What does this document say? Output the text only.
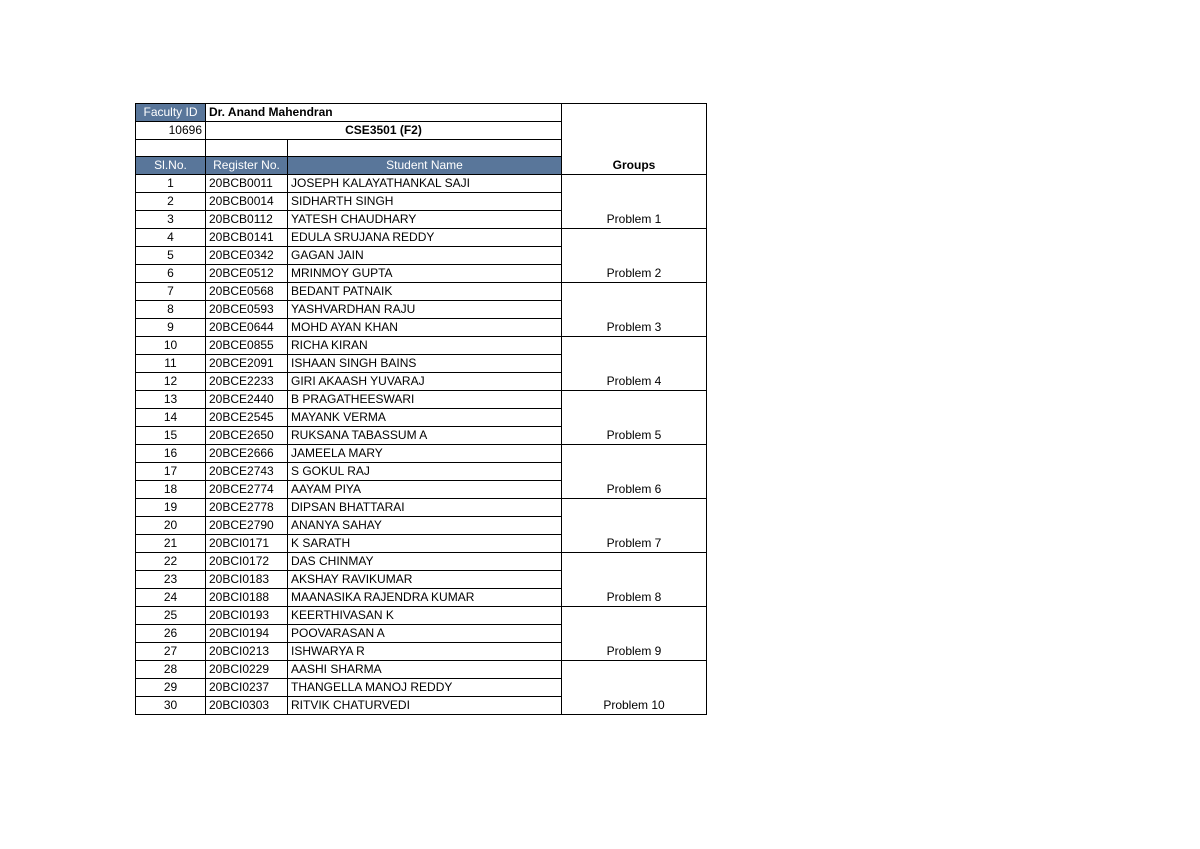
Faculty ID	Dr. Anand Mahendran		Groups
10696	CSE3501 (F2)		

Sl.No.	Register No.	Student Name	
1	20BCB0011	JOSEPH KALAYATHANKAL SAJI	Problem 1
2	20BCB0014	SIDHARTH SINGH	
3	20BCB0112	YATESH CHAUDHARY	
4	20BCB0141	EDULA SRUJANA REDDY	Problem 2
5	20BCE0342	GAGAN JAIN	
6	20BCE0512	MRINMOY GUPTA	
7	20BCE0568	BEDANT PATNAIK	Problem 3
8	20BCE0593	YASHVARDHAN RAJU	
9	20BCE0644	MOHD AYAN KHAN	
10	20BCE0855	RICHA KIRAN	Problem 4
11	20BCE2091	ISHAAN SINGH BAINS	
12	20BCE2233	GIRI AKAASH YUVARAJ	
13	20BCE2440	B PRAGATHEESWARI	Problem 5
14	20BCE2545	MAYANK VERMA	
15	20BCE2650	RUKSANA TABASSUM A	
16	20BCE2666	JAMEELA MARY	Problem 6
17	20BCE2743	S GOKUL RAJ	
18	20BCE2774	AAYAM PIYA	
19	20BCE2778	DIPSAN BHATTARAI	Problem 7
20	20BCE2790	ANANYA SAHAY	
21	20BCI0171	K SARATH	
22	20BCI0172	DAS CHINMAY	Problem 8
23	20BCI0183	AKSHAY RAVIKUMAR	
24	20BCI0188	MAANASIKA RAJENDRA KUMAR	
25	20BCI0193	KEERTHIVASAN K	Problem 9
26	20BCI0194	POOVARASAN A	
27	20BCI0213	ISHWARYA R	
28	20BCI0229	AASHI SHARMA	Problem 10
29	20BCI0237	THANGELLA MANOJ REDDY	
30	20BCI0303	RITVIK CHATURVEDI	
